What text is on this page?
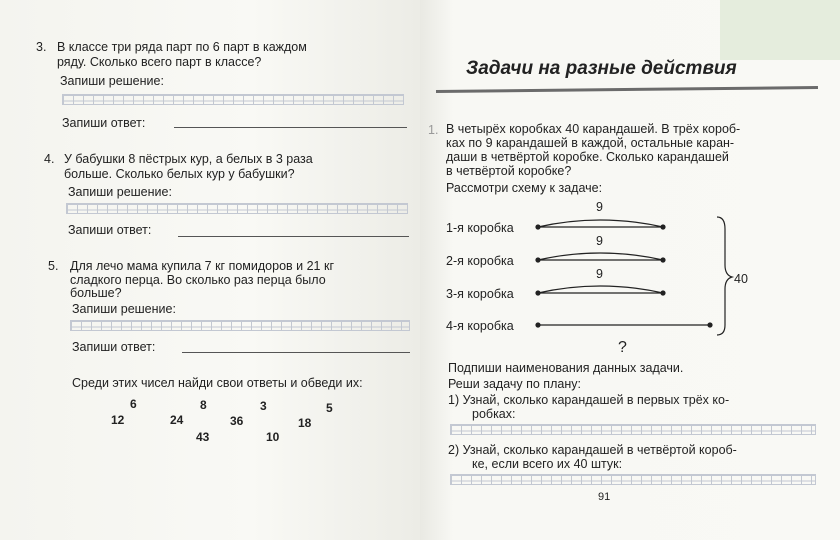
3. В классе три ряда парт по 6 парт в каждом
ряду. Сколько всего парт в классе?
Запиши решение:
Запиши ответ:
4. У бабушки 8 пёстрых кур, а белых в 3 раза
больше. Сколько белых кур у бабушки?
Запиши решение:
Запиши ответ:
5. Для лечо мама купила 7 кг помидоров и 21 кг
сладкого перца. Во сколько раз перца было
больше?
Запиши решение:
Запиши ответ:
Среди этих чисел найди свои ответы и обведи их:
6	8	3	5
12	24	36	18
43	10
Задачи на разные действия
1. В четырёх коробках 40 карандашей. В трёх короб-
ках по 9 карандашей в каждой, остальные каран-
даши в четвёртой коробке. Сколько карандашей
в четвёртой коробке?
Рассмотри схему к задаче:
1-я коробка
2-я коробка
3-я коробка
4-я коробка
9
9
9	40
?
Подпиши наименования данных задачи.
Реши задачу по плану:
1) Узнай, сколько карандашей в первых трёх ко-
робках:
2) Узнай, сколько карандашей в четвёртой короб-
ке, если всего их 40 штук:
91
